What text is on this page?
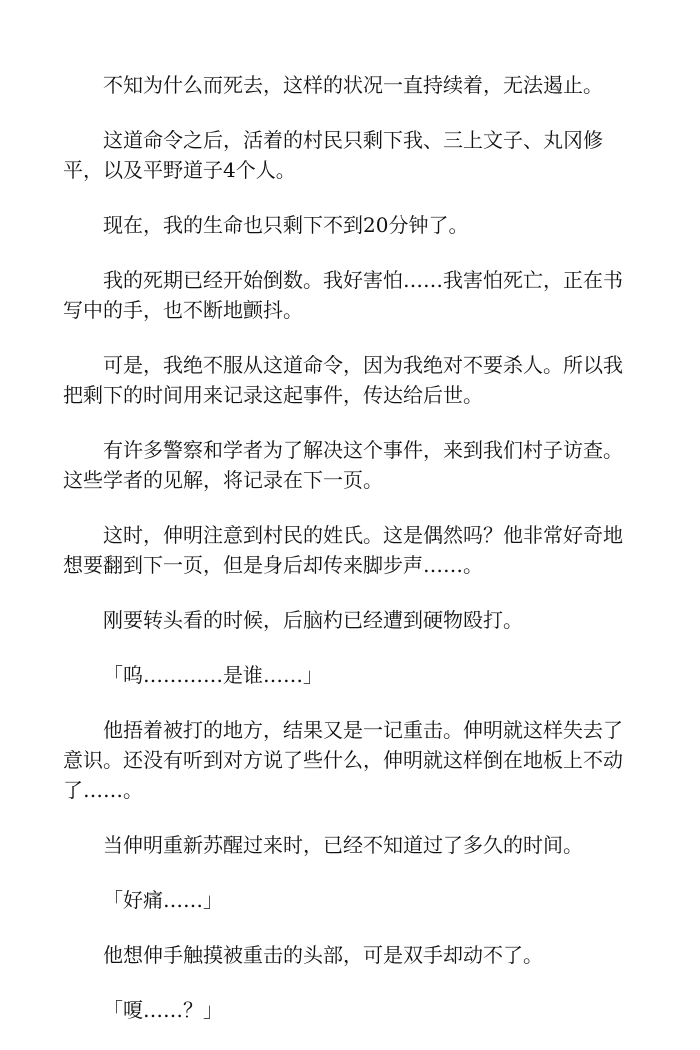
不知为什么而死去，这样的状况一直持续着，无法遏止。

这道命令之后，活着的村民只剩下我、三上文子、丸冈修平，以及平野道子4个人。

现在，我的生命也只剩下不到20分钟了。

我的死期已经开始倒数。我好害怕……我害怕死亡，正在书写中的手，也不断地颤抖。

可是，我绝不服从这道命令，因为我绝对不要杀人。所以我把剩下的时间用来记录这起事件，传达给后世。

有许多警察和学者为了解决这个事件，来到我们村子访查。这些学者的见解，将记录在下一页。

这时，伸明注意到村民的姓氏。这是偶然吗？他非常好奇地想要翻到下一页，但是身后却传来脚步声……。

刚要转头看的时候，后脑杓已经遭到硬物殴打。

「呜…………是谁……」

他捂着被打的地方，结果又是一记重击。伸明就这样失去了意识。还没有听到对方说了些什么，伸明就这样倒在地板上不动了……。

当伸明重新苏醒过来时，已经不知道过了多久的时间。

「好痛……」

他想伸手触摸被重击的头部，可是双手却动不了。

「嗄……？」
